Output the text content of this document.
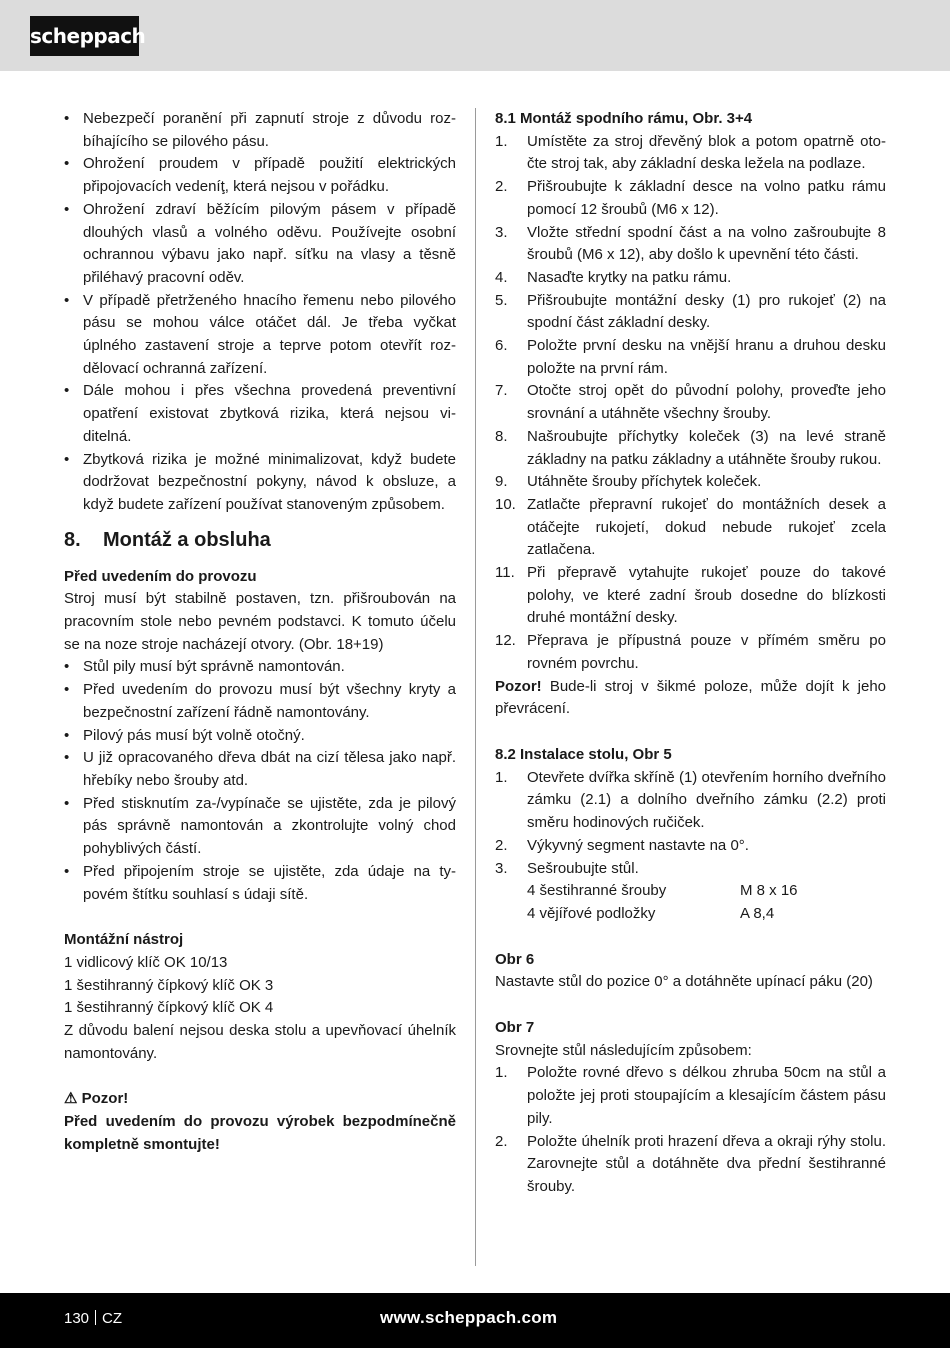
scheppach
• Nebezpečí poranění při zapnutí stroje z důvodu rozbíhajícího se pilového pásu.
• Ohrožení proudem v případě použití elektrických připojovacích vedeníţ, která nejsou v pořádku.
• Ohrožení zdraví běžícím pilovým pásem v případě dlouhých vlasů a volného oděvu. Používejte osobní ochrannou výbavu jako např. síťku na vlasy a těsně přiléhavý pracovní oděv.
• V případě přetrženého hnacího řemenu nebo pilového pásu se mohou válce otáčet dál. Je třeba vyčkat úplného zastavení stroje a teprve potom otevřít rozdělovací ochranná zařízení.
• Dále mohou i přes všechna provedená preventivní opatření existovat zbytková rizika, která nejsou viditelná.
• Zbytková rizika je možné minimalizovat, když budete dodržovat bezpečnostní pokyny, návod k obsluze, a když budete zařízení používat stanoveným způsobem.
8. Montáž a obsluha
Před uvedením do provozu
Stroj musí být stabilně postaven, tzn. přišroubován na pracovním stole nebo pevném podstavci. K tomuto účelu se na noze stroje nacházejí otvory. (Obr. 18+19)
• Stůl pily musí být správně namontován.
• Před uvedením do provozu musí být všechny kryty a bezpečnostní zařízení řádně namontovány.
• Pilový pás musí být volně otočný.
• U již opracovaného dřeva dbát na cizí tělesa jako např. hřebíky nebo šrouby atd.
• Před stisknutím za-/vypínače se ujistěte, zda je pilový pás správně namontován a zkontrolujte volný chod pohyblivých částí.
• Před připojením stroje se ujistěte, zda údaje na typovém štítku souhlasí s údaji sítě.
Montážní nástroj
1 vidlicový klíč OK 10/13
1 šestihranný čípkový klíč OK 3
1 šestihranný čípkový klíč OK 4
Z důvodu balení nejsou deska stolu a upevňovací úhelník namontovány.
⚠ Pozor!
Před uvedením do provozu výrobek bezpodmínečně kompletně smontujte!
8.1 Montáž spodního rámu, Obr. 3+4
1. Umístěte za stroj dřevěný blok a potom opatrně otočte stroj tak, aby základní deska ležela na podlaze.
2. Přišroubujte k základní desce na volno patku rámu pomocí 12 šroubů (M6 x 12).
3. Vložte střední spodní část a na volno zašroubujte 8 šroubů (M6 x 12), aby došlo k upevnění této části.
4. Nasaďte krytky na patku rámu.
5. Přišroubujte montážní desky (1) pro rukojeť (2) na spodní část základní desky.
6. Položte první desku na vnější hranu a druhou desku položte na první rám.
7. Otočte stroj opět do původní polohy, proveďte jeho srovnání a utáhněte všechny šrouby.
8. Našroubujte příchytky koleček (3) na levé straně základny na patku základny a utáhněte šrouby rukou.
9. Utáhněte šrouby příchytek koleček.
10. Zatlačte přepravní rukojeť do montážních desek a otáčejte rukojetí, dokud nebude rukojeť zcela zatlačena.
11. Při přepravě vytahujte rukojeť pouze do takové polohy, ve které zadní šroub dosedne do blízkosti druhé montážní desky.
12. Přeprava je přípustná pouze v přímém směru po rovném povrchu.
Pozor! Bude-li stroj v šikmé poloze, může dojít k jeho převrácení.
8.2 Instalace stolu, Obr 5
1. Otevřete dvířka skříně (1) otevřením horního dveřního zámku (2.1) a dolního dveřního zámku (2.2) proti směru hodinových ručiček.
2. Výkyvný segment nastavte na 0°.
3. Sešroubujte stůl.
4 šestihranné šrouby	M 8 x 16
4 vějířové podložky	A 8,4
Obr 6
Nastavte stůl do pozice 0° a dotáhněte upínací páku (20)
Obr 7
Srovnejte stůl následujícím způsobem:
1. Položte rovné dřevo s délkou zhruba 50cm na stůl a položte jej proti stoupajícím a klesajícím částem pásu pily.
2. Položte úhelník proti hrazení dřeva a okraji rýhy stolu. Zarovnejte stůl a dotáhněte dva přední šestihranné šrouby.
130 CZ	www.scheppach.com
